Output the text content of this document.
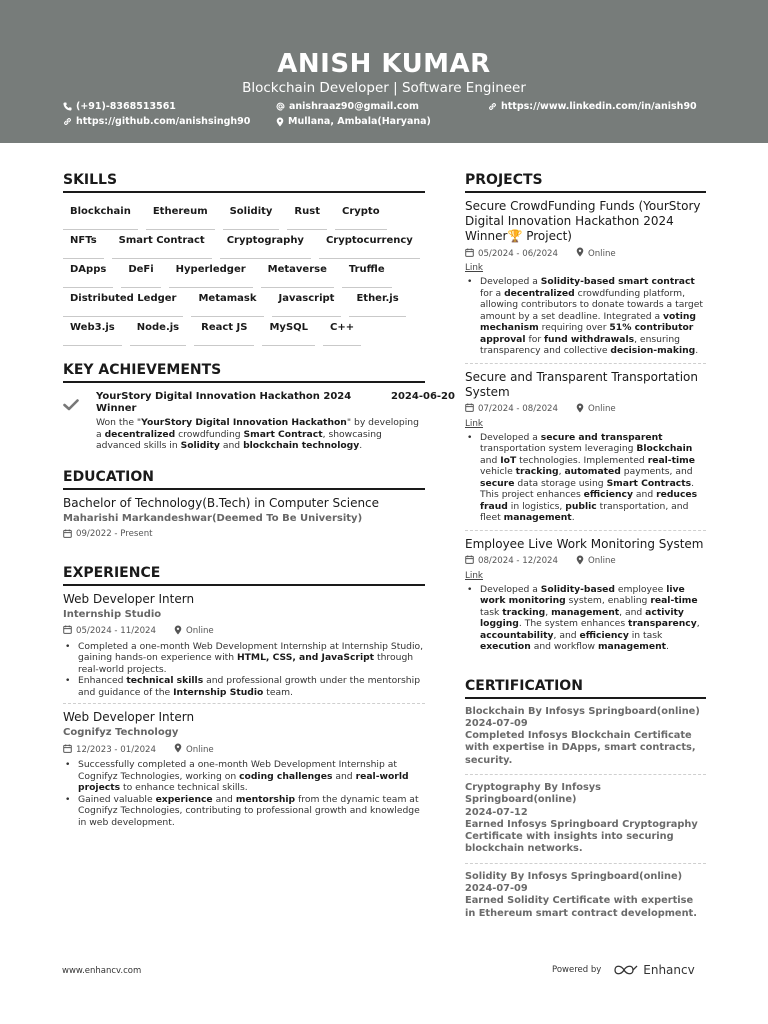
ANISH KUMAR
Blockchain Developer | Software Engineer
(+91)-8368513561	anishraaz90@gmail.com	https://www.linkedin.com/in/anish90
https://github.com/anishsingh90	Mullana, Ambala(Haryana)
SKILLS
Blockchain	Ethereum	Solidity	Rust	Crypto
NFTs	Smart Contract	Cryptography	Cryptocurrency
DApps	DeFi	Hyperledger	Metaverse	Truffle
Distributed Ledger	Metamask	Javascript	Ether.js
Web3.js	Node.js	React JS	MySQL	C++
KEY ACHIEVEMENTS
YourStory Digital Innovation Hackathon 2024 Winner
2024-06-20
Won the "YourStory Digital Innovation Hackathon" by developing a decentralized crowdfunding Smart Contract, showcasing advanced skills in Solidity and blockchain technology.
EDUCATION
Bachelor of Technology(B.Tech) in Computer Science
Maharishi Markandeshwar(Deemed To Be University)
09/2022 - Present
EXPERIENCE
Web Developer Intern
Internship Studio
05/2024 - 11/2024	Online
• Completed a one-month Web Development Internship at Internship Studio, gaining hands-on experience with HTML, CSS, and JavaScript through real-world projects.
• Enhanced technical skills and professional growth under the mentorship and guidance of the Internship Studio team.
Web Developer Intern
Cognifyz Technology
12/2023 - 01/2024	Online
• Successfully completed a one-month Web Development Internship at Cognifyz Technologies, working on coding challenges and real-world projects to enhance technical skills.
• Gained valuable experience and mentorship from the dynamic team at Cognifyz Technologies, contributing to professional growth and knowledge in web development.
PROJECTS
Secure CrowdFunding Funds (YourStory Digital Innovation Hackathon 2024 Winner🏆 Project)
05/2024 - 06/2024	Online
Link
• Developed a Solidity-based smart contract for a decentralized crowdfunding platform, allowing contributors to donate towards a target amount by a set deadline. Integrated a voting mechanism requiring over 51% contributor approval for fund withdrawals, ensuring transparency and collective decision-making.
Secure and Transparent Transportation System
07/2024 - 08/2024	Online
Link
• Developed a secure and transparent transportation system leveraging Blockchain and IoT technologies. Implemented real-time vehicle tracking, automated payments, and secure data storage using Smart Contracts. This project enhances efficiency and reduces fraud in logistics, public transportation, and fleet management.
Employee Live Work Monitoring System
08/2024 - 12/2024	Online
Link
• Developed a Solidity-based employee live work monitoring system, enabling real-time task tracking, management, and activity logging. The system enhances transparency, accountability, and efficiency in task execution and workflow management.
CERTIFICATION
Blockchain By Infosys Springboard(online)
2024-07-09
Completed Infosys Blockchain Certificate with expertise in DApps, smart contracts, security.
Cryptography By Infosys Springboard(online)
2024-07-12
Earned Infosys Springboard Cryptography Certificate with insights into securing blockchain networks.
Solidity By Infosys Springboard(online)
2024-07-09
Earned Solidity Certificate with expertise in Ethereum smart contract development.
www.enhancv.com	Powered by	Enhancv
